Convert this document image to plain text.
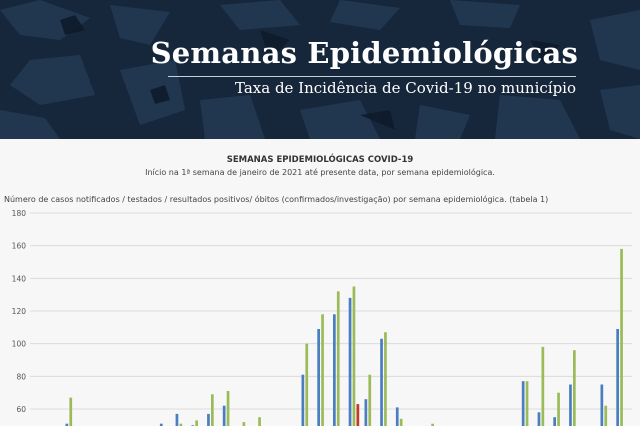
Semanas Epidemiológicas
Taxa de Incidência de Covid-19 no município
SEMANAS EPIDEMIOLÓGICAS COVID-19
Início na 1ª semana de janeiro de 2021 até presente data, por semana epidemiológica.
Número de casos notificados / testados / resultados positivos/ óbitos (confirmados/investigação) por semana epidemiológica. (tabela 1)
180
160
140
120
100
80
60
